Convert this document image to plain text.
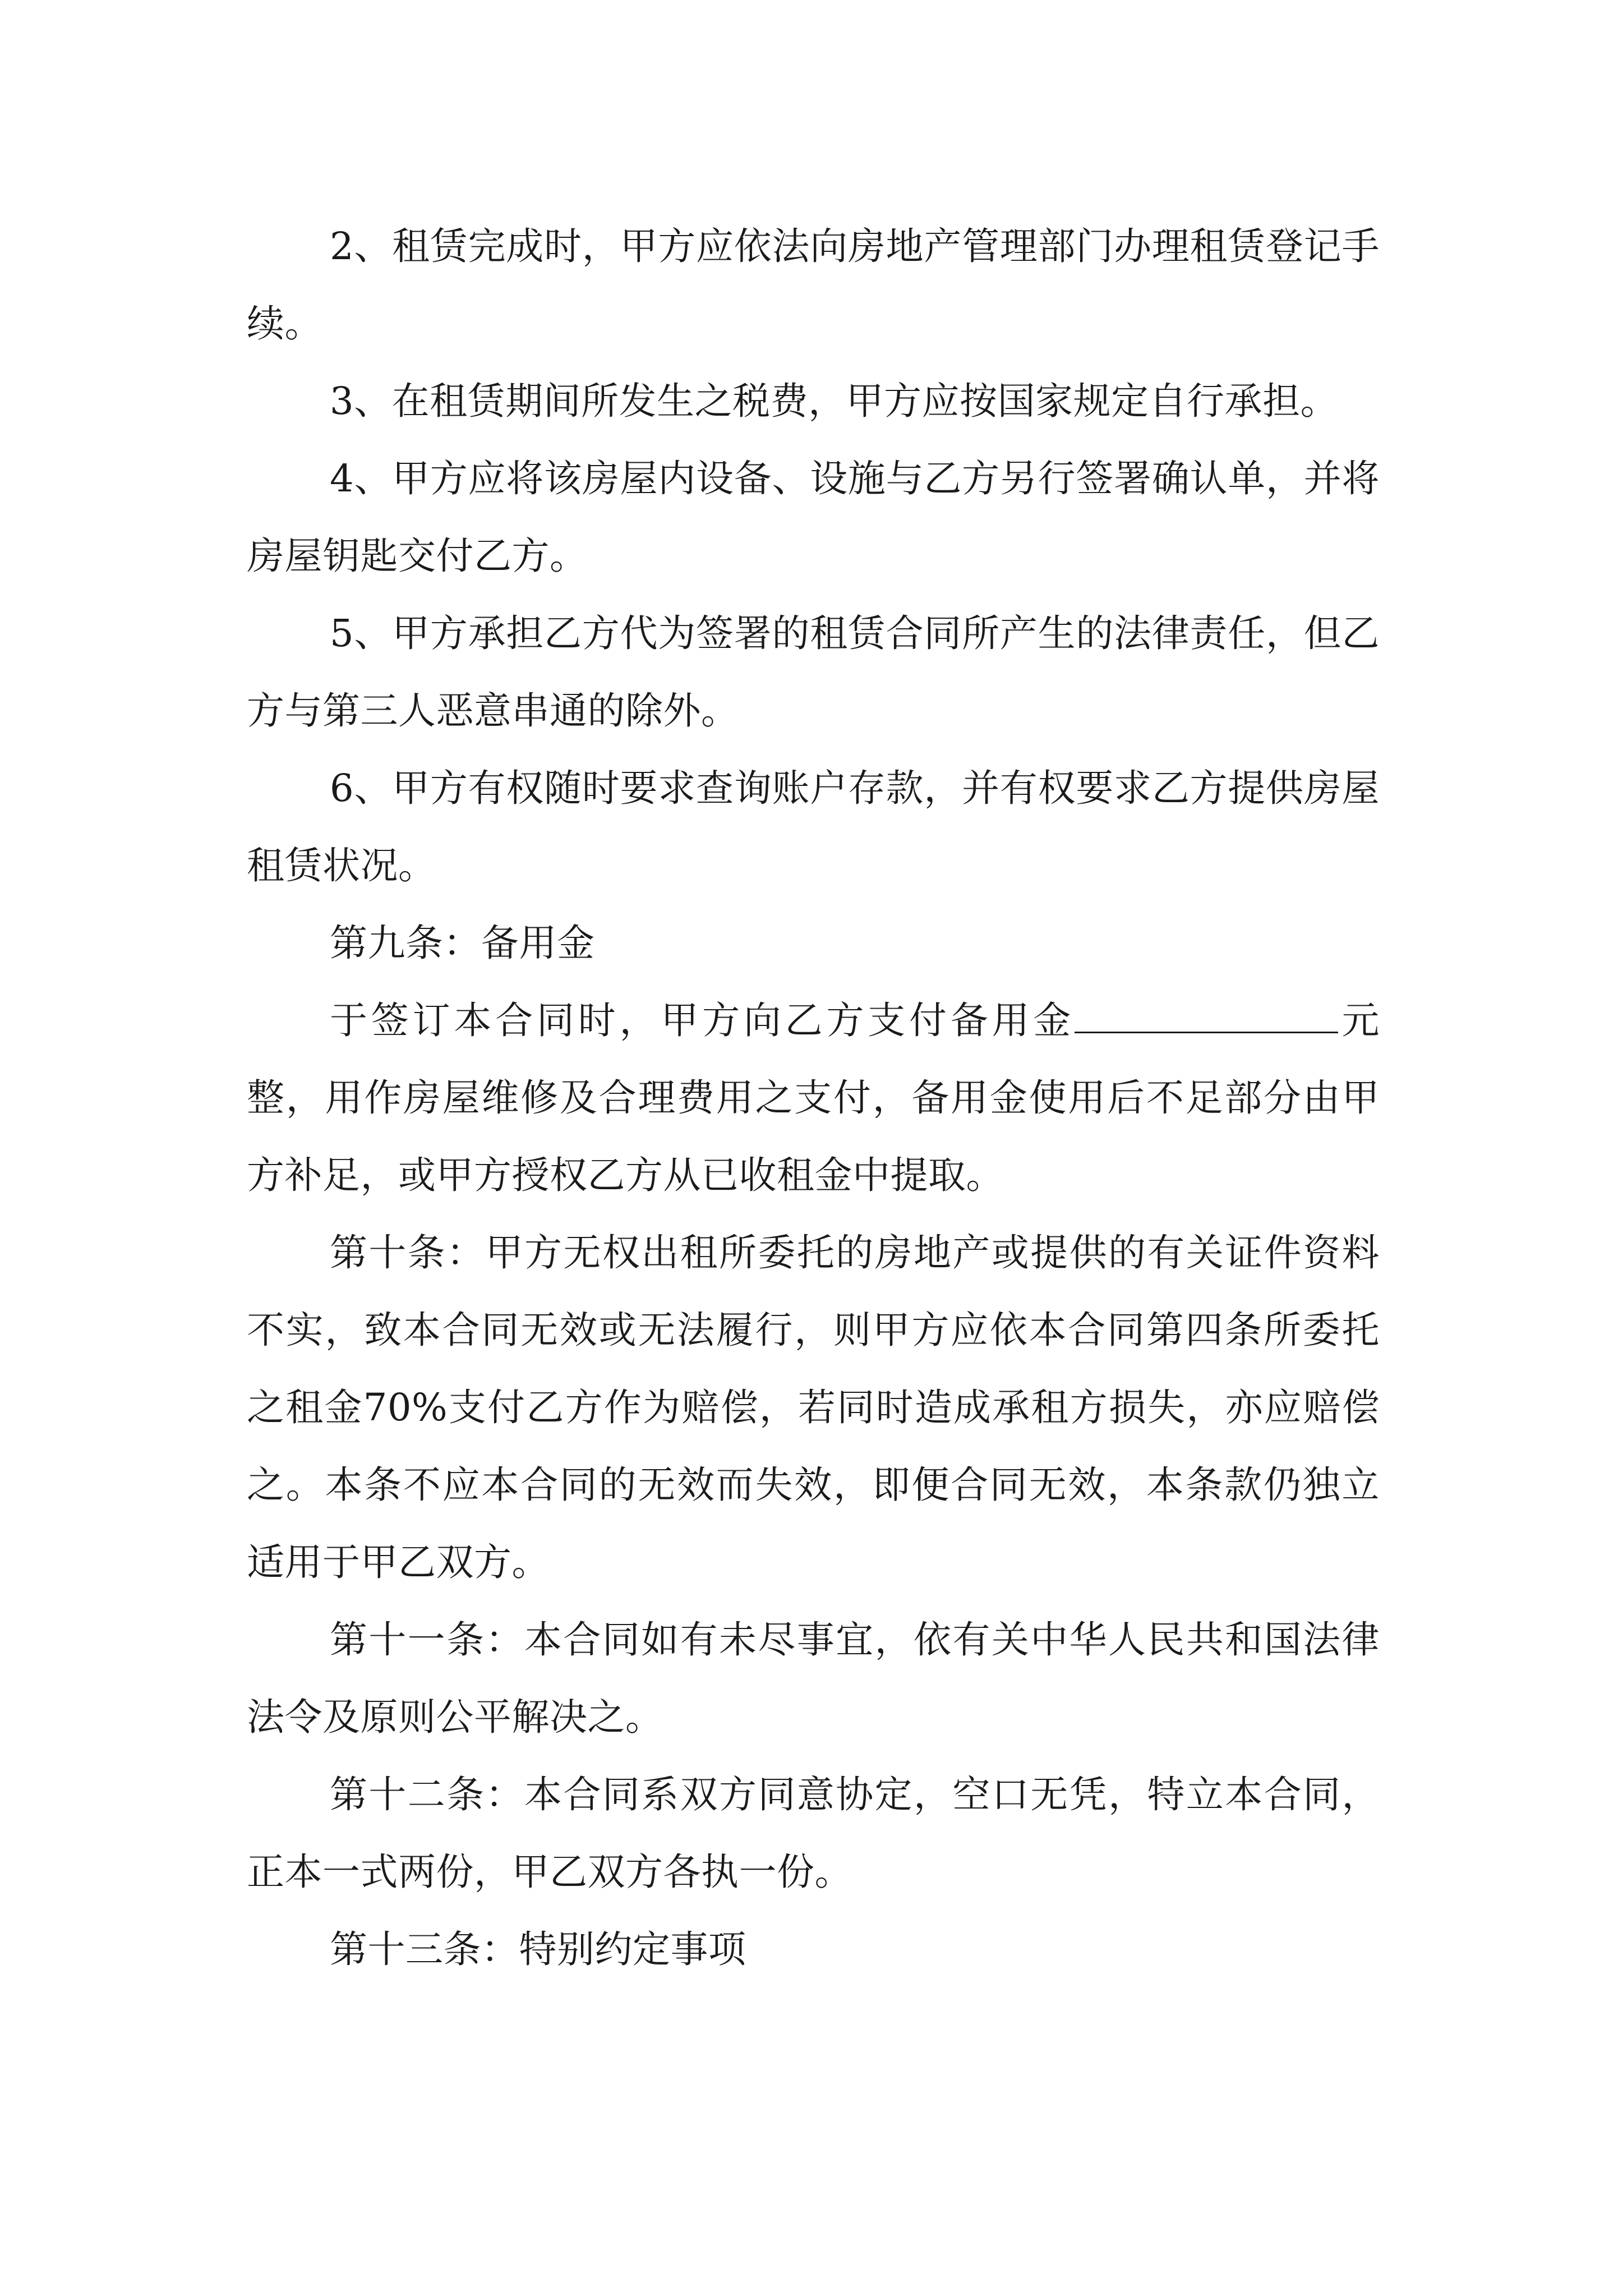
2、租赁完成时，甲方应依法向房地产管理部门办理租赁登记手续。

3、在租赁期间所发生之税费，甲方应按国家规定自行承担。

4、甲方应将该房屋内设备、设施与乙方另行签署确认单，并将房屋钥匙交付乙方。

5、甲方承担乙方代为签署的租赁合同所产生的法律责任，但乙方与第三人恶意串通的除外。

6、甲方有权随时要求查询账户存款，并有权要求乙方提供房屋租赁状况。

第九条：备用金

于签订本合同时，甲方向乙方支付备用金	元整，用作房屋维修及合理费用之支付，备用金使用后不足部分由甲方补足，或甲方授权乙方从已收租金中提取。

第十条：甲方无权出租所委托的房地产或提供的有关证件资料不实，致本合同无效或无法履行，则甲方应依本合同第四条所委托之租金70%支付乙方作为赔偿，若同时造成承租方损失，亦应赔偿之。本条不应本合同的无效而失效，即便合同无效，本条款仍独立适用于甲乙双方。

第十一条：本合同如有未尽事宜，依有关中华人民共和国法律法令及原则公平解决之。

第十二条：本合同系双方同意协定，空口无凭，特立本合同，正本一式两份，甲乙双方各执一份。

第十三条：特别约定事项
